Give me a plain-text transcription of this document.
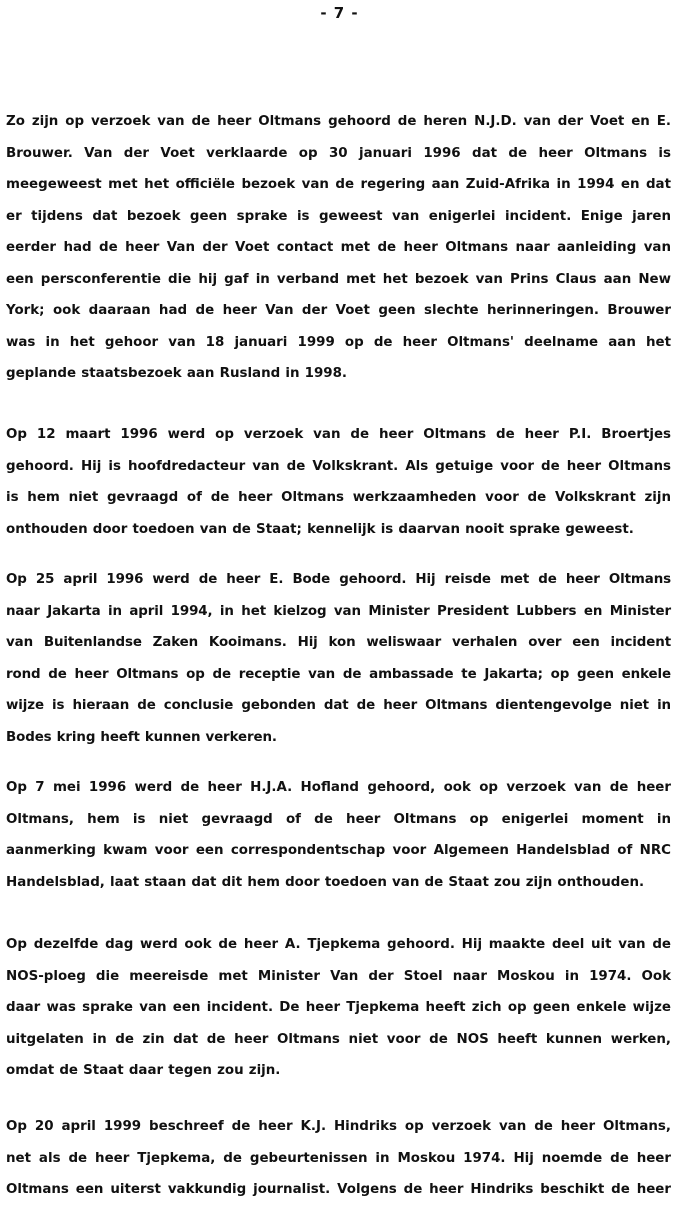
- 7 -
Zo zijn op verzoek van de heer Oltmans gehoord de heren N.J.D. van der Voet en E.
Brouwer. Van der Voet verklaarde op 30 januari 1996 dat de heer Oltmans is
meegeweest met het officiële bezoek van de regering aan Zuid-Afrika in 1994 en dat
er tijdens dat bezoek geen sprake is geweest van enigerlei incident. Enige jaren
eerder had de heer Van der Voet contact met de heer Oltmans naar aanleiding van
een persconferentie die hij gaf in verband met het bezoek van Prins Claus aan New
York; ook daaraan had de heer Van der Voet geen slechte herinneringen. Brouwer
was in het gehoor van 18 januari 1999 op de heer Oltmans' deelname aan het
geplande staatsbezoek aan Rusland in 1998.
Op 12 maart 1996 werd op verzoek van de heer Oltmans de heer P.I. Broertjes
gehoord. Hij is hoofdredacteur van de Volkskrant. Als getuige voor de heer Oltmans
is hem niet gevraagd of de heer Oltmans werkzaamheden voor de Volkskrant zijn
onthouden door toedoen van de Staat; kennelijk is daarvan nooit sprake geweest.
Op 25 april 1996 werd de heer E. Bode gehoord. Hij reisde met de heer Oltmans
naar Jakarta in april 1994, in het kielzog van Minister President Lubbers en Minister
van Buitenlandse Zaken Kooimans. Hij kon weliswaar verhalen over een incident
rond de heer Oltmans op de receptie van de ambassade te Jakarta; op geen enkele
wijze is hieraan de conclusie gebonden dat de heer Oltmans dientengevolge niet in
Bodes kring heeft kunnen verkeren.
Op 7 mei 1996 werd de heer H.J.A. Hofland gehoord, ook op verzoek van de heer
Oltmans, hem is niet gevraagd of de heer Oltmans op enigerlei moment in
aanmerking kwam voor een correspondentschap voor Algemeen Handelsblad of NRC
Handelsblad, laat staan dat dit hem door toedoen van de Staat zou zijn onthouden.
Op dezelfde dag werd ook de heer A. Tjepkema gehoord. Hij maakte deel uit van de
NOS-ploeg die meereisde met Minister Van der Stoel naar Moskou in 1974. Ook
daar was sprake van een incident. De heer Tjepkema heeft zich op geen enkele wijze
uitgelaten in de zin dat de heer Oltmans niet voor de NOS heeft kunnen werken,
omdat de Staat daar tegen zou zijn.
Op 20 april 1999 beschreef de heer K.J. Hindriks op verzoek van de heer Oltmans,
net als de heer Tjepkema, de gebeurtenissen in Moskou 1974. Hij noemde de heer
Oltmans een uiterst vakkundig journalist. Volgens de heer Hindriks beschikt de heer
